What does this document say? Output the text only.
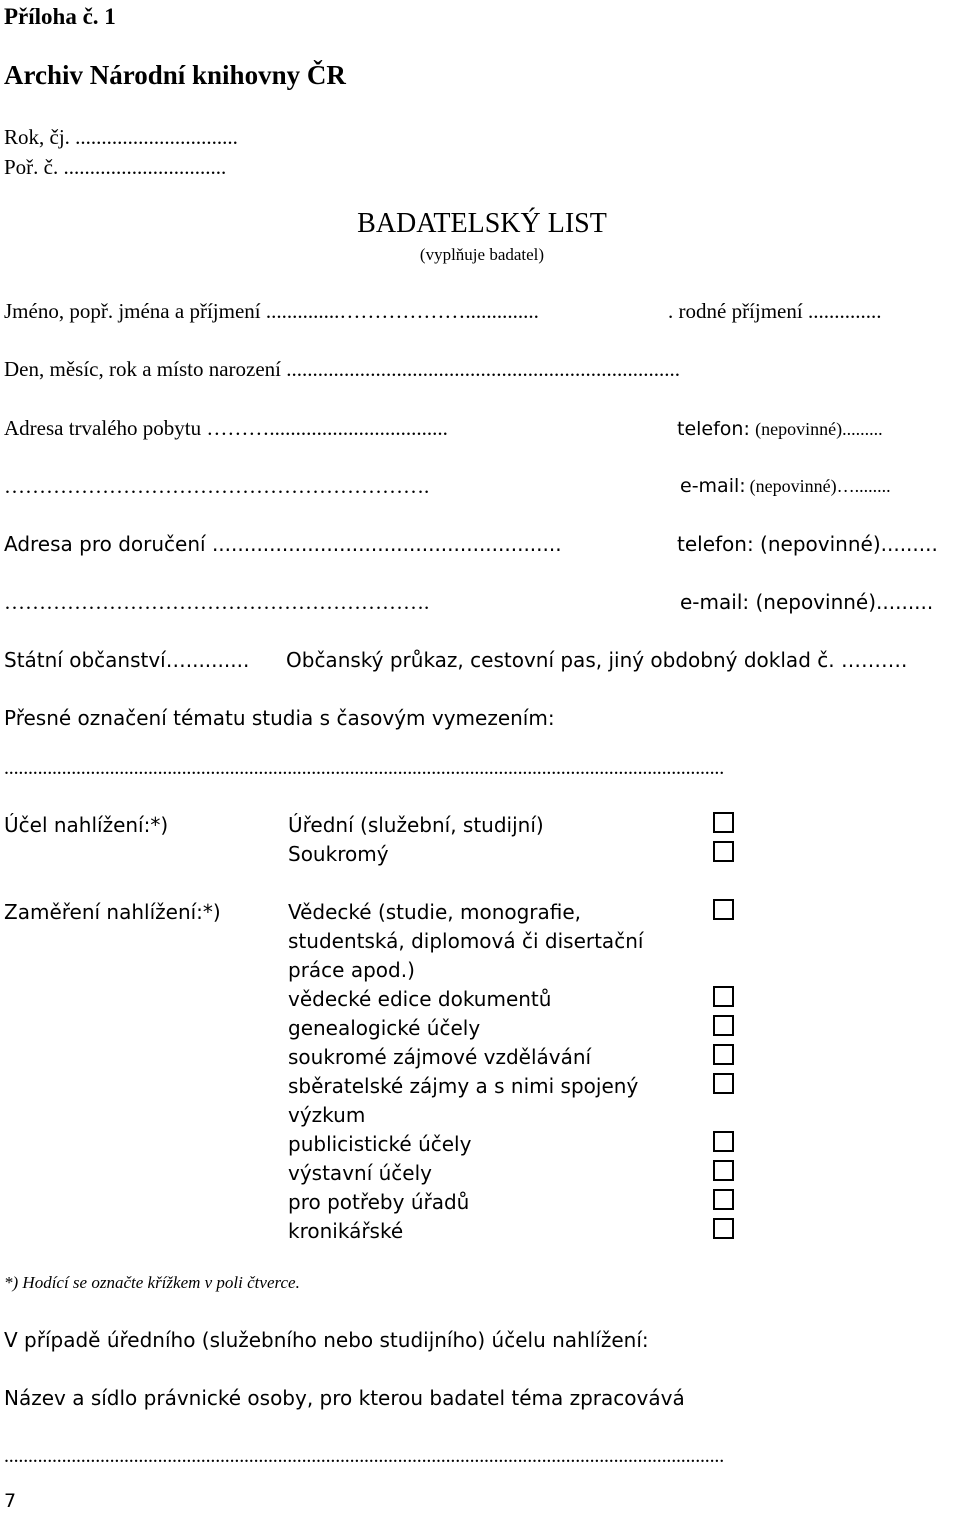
Příloha č. 1
Archiv Národní knihovny ČR
Rok, čj. ...............................
Poř. č. ...............................
BADATELSKÝ LIST
(vyplňuje badatel)
Jméno, popř. jména a příjmení ..............………………..............	. rodné příjmení ..............
Den, měsíc, rok a místo narození ...........................................................................
Adresa trvalého pobytu ………..................................	telefon: (nepovinné).........
…………………………………………………….	e-mail: (nepovinné)…........
Adresa pro doručení .......................................................	telefon: (nepovinné).........
…………………………………………………….	e-mail: (nepovinné).........
Státní občanství….......... Občanský průkaz, cestovní pas, jiný obdobný doklad č. ……….
Přesné označení tématu studia s časovým vymezením:
......................................................................................................................................................
Účel nahlížení:*)	Úřední (služební, studijní)
Soukromý
Zaměření nahlížení:*)	Vědecké (studie, monografie,
studentská, diplomová či disertační
práce apod.)
vědecké edice dokumentů
genealogické účely
soukromé zájmové vzdělávání
sběratelské zájmy a s nimi spojený
výzkum
publicistické účely
výstavní účely
pro potřeby úřadů
kronikářské
*) Hodící se označte křížkem v poli čtverce.
V případě úředního (služebního nebo studijního) účelu nahlížení:
Název a sídlo právnické osoby, pro kterou badatel téma zpracovává
......................................................................................................................................................
7
